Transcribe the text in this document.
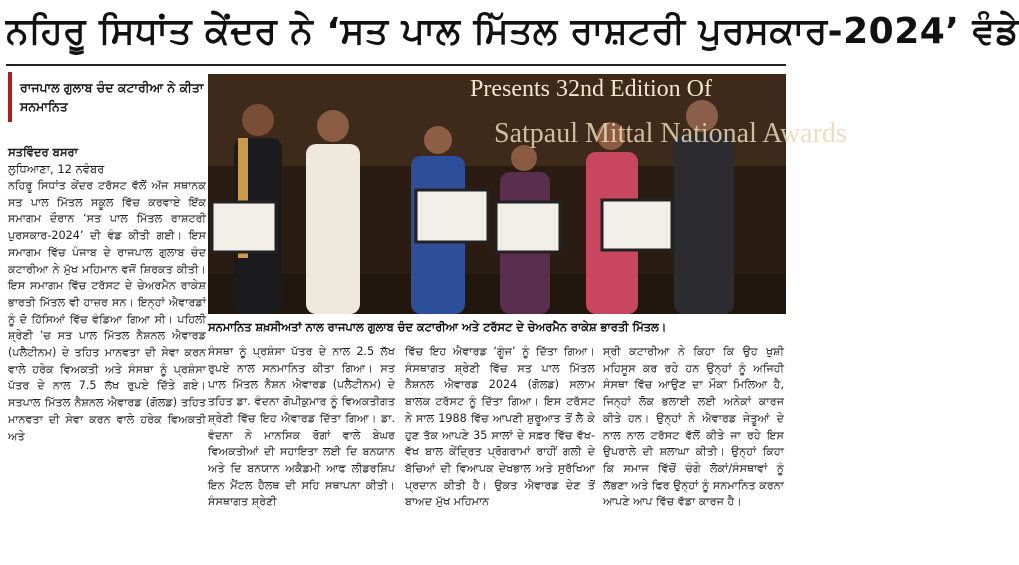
ਨਹਿਰੂ ਸਿਧਾਂਤ ਕੇਂਦਰ ਨੇ ‘ਸਤ ਪਾਲ ਮਿੱਤਲ ਰਾਸ਼ਟਰੀ ਪੁਰਸਕਾਰ-2024’ ਵੰਡੇ
ਰਾਜਪਾਲ ਗੁਲਾਬ ਚੰਦ ਕਟਾਰੀਆ ਨੇ ਕੀਤਾ ਸਨਮਾਨਿਤ
ਸਤਵਿੰਦਰ ਬਸਰਾ
ਲੁਧਿਆਣਾ, 12 ਨਵੰਬਰ
ਨਹਿਰੂ ਸਿਧਾਂਤ ਕੇਂਦਰ ਟਰੱਸਟ ਵੱਲੋਂ ਅੱਜ ਸਥਾਨਕ ਸਤ ਪਾਲ ਮਿੱਤਲ ਸਕੂਲ ਵਿੱਚ ਕਰਵਾਏ ਇੱਕ ਸਮਾਗਮ ਦੌਰਾਨ ‘ਸਤ ਪਾਲ ਮਿੱਤਲ ਰਾਸ਼ਟਰੀ ਪੁਰਸਕਾਰ-2024’ ਦੀ ਵੰਡ ਕੀਤੀ ਗਈ। ਇਸ ਸਮਾਗਮ ਵਿੱਚ ਪੰਜਾਬ ਦੇ ਰਾਜਪਾਲ ਗੁਲਾਬ ਚੰਦ ਕਟਾਰੀਆ ਨੇ ਮੁੱਖ ਮਹਿਮਾਨ ਵਜੋਂ ਸ਼ਿਰਕਤ ਕੀਤੀ। ਇਸ ਸਮਾਗਮ ਵਿੱਚ ਟਰੱਸਟ ਦੇ ਚੇਅਰਮੈਨ ਰਾਕੇਸ਼ ਭਾਰਤੀ ਮਿੱਤਲ ਵੀ ਹਾਜ਼ਰ ਸਨ। ਇਨ੍ਹਾਂ ਐਵਾਰਡਾਂ ਨੂੰ ਦੋ ਹਿੱਸਿਆਂ ਵਿੱਚ ਵੰਡਿਆ ਗਿਆ ਸੀ। ਪਹਿਲੀ ਸ਼੍ਰੇਣੀ ’ਚ ਸਤ ਪਾਲ ਮਿੱਤਲ ਨੈਸ਼ਨਲ ਐਵਾਰਡ (ਪਲੈਟੀਨਮ) ਦੇ ਤਹਿਤ ਮਾਨਵਤਾ ਦੀ ਸੇਵਾ ਕਰਨ ਵਾਲੇ ਹਰੇਕ ਵਿਅਕਤੀ ਅਤੇ ਸੰਸਥਾ ਨੂੰ ਪ੍ਰਸ਼ੰਸਾ ਪੱਤਰ ਦੇ ਨਾਲ 7.5 ਲੱਖ ਰੁਪਏ ਦਿੱਤੇ ਗਏ। ਸਤਪਾਲ ਮਿੱਤਲ ਨੈਸ਼ਨਲ ਐਵਾਰਡ (ਗੋਲਡ) ਤਹਿਤ ਮਾਨਵਤਾ ਦੀ ਸੇਵਾ ਕਰਨ ਵਾਲੇ ਹਰੇਕ ਵਿਅਕਤੀ ਅਤੇ
Presents 32nd Edition Of
Satpaul Mittal National Awards
ਸਨਮਾਨਿਤ ਸ਼ਖ਼ਸੀਅਤਾਂ ਨਾਲ ਰਾਜਪਾਲ ਗੁਲਾਬ ਚੰਦ ਕਟਾਰੀਆ ਅਤੇ ਟਰੱਸਟ ਦੇ ਚੇਅਰਮੈਨ ਰਾਕੇਸ਼ ਭਾਰਤੀ ਮਿੱਤਲ।
ਸੰਸਥਾ ਨੂੰ ਪ੍ਰਸ਼ੰਸਾ ਪੱਤਰ ਦੇ ਨਾਲ 2.5 ਲੱਖ ਰੁਪਏ ਨਾਲ ਸਨਮਾਨਿਤ ਕੀਤਾ ਗਿਆ। ਸਤ ਪਾਲ ਮਿੱਤਲ ਨੈਸ਼ਨ ਐਵਾਰਡ (ਪਲੈਟੀਨਮ) ਦੇ ਤਹਿਤ ਡਾ. ਵੰਦਨਾ ਗੋਪੀਕੁਮਾਰ ਨੂੰ ਵਿਅਕਤੀਗਤ ਸ਼੍ਰੇਣੀ ਵਿੱਚ ਇਹ ਐਵਾਰਡ ਦਿੱਤਾ ਗਿਆ। ਡਾ. ਵੰਦਨਾ ਨੇ ਮਾਨਸਿਕ ਰੋਗਾਂ ਵਾਲੇ ਬੇਘਰ ਵਿਅਕਤੀਆਂ ਦੀ ਸਹਾਇਤਾ ਲਈ ਦਿ ਬਨਯਾਨ ਅਤੇ ਦਿ ਬਨਯਾਨ ਅਕੈਡਮੀ ਆਫ ਲੀਡਰਸ਼ਿਪ ਇਨ ਮੈਂਟਲ ਹੈਲਥ ਦੀ ਸਹਿ ਸਥਾਪਨਾ ਕੀਤੀ। ਸੰਸਥਾਗਤ ਸ਼੍ਰੇਣੀ
ਵਿੱਚ ਇਹ ਐਵਾਰਡ ‘ਗੂੰਜ’ ਨੂੰ ਦਿੱਤਾ ਗਿਆ। ਸੰਸਥਾਗਤ ਸ਼੍ਰੇਣੀ ਵਿੱਚ ਸਤ ਪਾਲ ਮਿੱਤਲ ਨੈਸ਼ਨਲ ਐਵਾਰਡ 2024 (ਗੋਲਡ) ਸਲਾਮ ਬਾਲਕ ਟਰੱਸਟ ਨੂੰ ਦਿੱਤਾ ਗਿਆ। ਇਸ ਟਰੱਸਟ ਨੇ ਸਾਲ 1988 ਵਿੱਚ ਆਪਣੀ ਸ਼ੁਰੂਆਤ ਤੋਂ ਲੈ ਕੇ ਹੁਣ ਤੱਕ ਆਪਣੇ 35 ਸਾਲਾਂ ਦੇ ਸਫ਼ਰ ਵਿੱਚ ਵੱਖ-ਵੱਖ ਬਾਲ ਕੇਂਦ੍ਰਿਤ ਪ੍ਰੋਗਰਾਮਾਂ ਰਾਹੀਂ ਗਲੀ ਦੇ ਬੱਚਿਆਂ ਦੀ ਵਿਆਪਕ ਦੇਖਭਾਲ ਅਤੇ ਸੁਰੱਖਿਆ ਪ੍ਰਦਾਨ ਕੀਤੀ ਹੈ। ਉਕਤ ਐਵਾਰਡ ਦੇਣ ਤੋਂ ਬਾਅਦ ਮੁੱਖ ਮਹਿਮਾਨ
ਸ੍ਰੀ ਕਟਾਰੀਆ ਨੇ ਕਿਹਾ ਕਿ ਉਹ ਖੁਸ਼ੀ ਮਹਿਸੂਸ ਕਰ ਰਹੇ ਹਨ ਉਨ੍ਹਾਂ ਨੂੰ ਅਜਿਹੀ ਸੰਸਥਾ ਵਿੱਚ ਆਉਣ ਦਾ ਮੌਕਾ ਮਿਲਿਆ ਹੈ, ਜਿਨ੍ਹਾਂ ਲੋਕ ਭਲਾਈ ਲਈ ਅਨੇਕਾਂ ਕਾਰਜ ਕੀਤੇ ਹਨ। ਉਨ੍ਹਾਂ ਨੇ ਐਵਾਰਡ ਜੇਤੂਆਂ ਦੇ ਨਾਲ ਨਾਲ ਟਰੱਸਟ ਵੱਲੋਂ ਕੀਤੇ ਜਾ ਰਹੇ ਇਸ ਉਪਰਾਲੇ ਦੀ ਸ਼ਲਾਘਾ ਕੀਤੀ। ਉਨ੍ਹਾਂ ਕਿਹਾ ਕਿ ਸਮਾਜ ਵਿੱਚੋਂ ਚੰਗੇ ਲੋਕਾਂ/ਸੰਸਥਾਵਾਂ ਨੂੰ ਲੱਭਣਾ ਅਤੇ ਫਿਰ ਉਨ੍ਹਾਂ ਨੂੰ ਸਨਮਾਨਿਤ ਕਰਨਾ ਆਪਣੇ ਆਪ ਵਿੱਚ ਵੱਡਾ ਕਾਰਜ ਹੈ।
